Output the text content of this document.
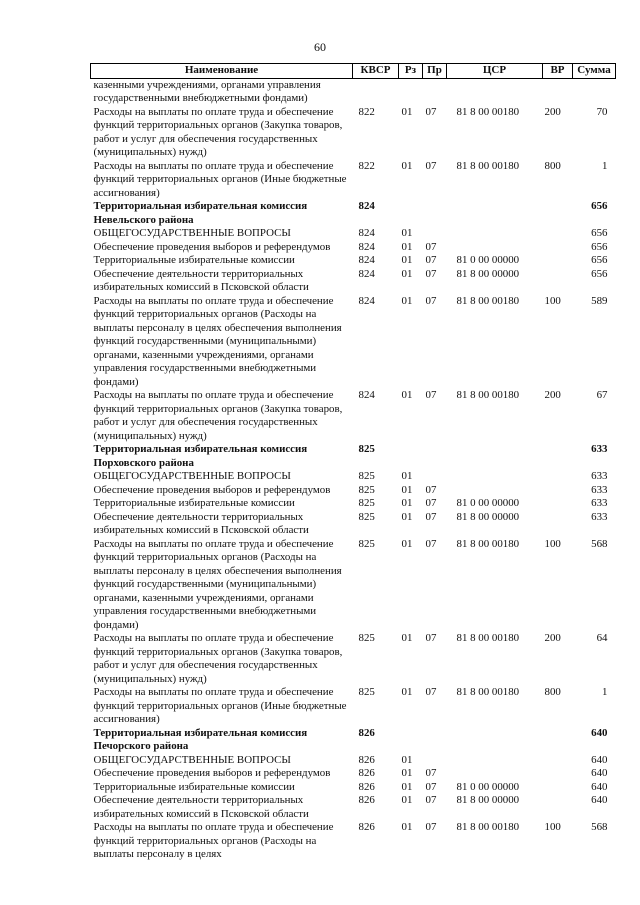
60
Наименование	КВСР	Рз	Пр	ЦСР	ВР	Сумма
казенными учреждениями, органами управления государственными внебюджетными фондами)						
Расходы на выплаты по оплате труда и обеспечение функций территориальных органов (Закупка товаров, работ и услуг для обеспечения государственных (муниципальных) нужд)	822	01	07	81 8 00 00180	200	70
Расходы на выплаты по оплате труда и обеспечение функций территориальных органов (Иные бюджетные ассигнования)	822	01	07	81 8 00 00180	800	1
Территориальная избирательная комиссия Невельского района	824					656
ОБЩЕГОСУДАРСТВЕННЫЕ ВОПРОСЫ	824	01				656
Обеспечение проведения выборов и референдумов	824	01	07			656
Территориальные избирательные комиссии	824	01	07	81 0 00 00000		656
Обеспечение деятельности территориальных избирательных комиссий в Псковской области	824	01	07	81 8 00 00000		656
Расходы на выплаты по оплате труда и обеспечение функций территориальных органов (Расходы на выплаты персоналу в целях обеспечения выполнения функций государственными (муниципальными) органами, казенными учреждениями, органами управления государственными внебюджетными фондами)	824	01	07	81 8 00 00180	100	589
Расходы на выплаты по оплате труда и обеспечение функций территориальных органов (Закупка товаров, работ и услуг для обеспечения государственных (муниципальных) нужд)	824	01	07	81 8 00 00180	200	67
Территориальная избирательная комиссия Порховского района	825					633
ОБЩЕГОСУДАРСТВЕННЫЕ ВОПРОСЫ	825	01				633
Обеспечение проведения выборов и референдумов	825	01	07			633
Территориальные избирательные комиссии	825	01	07	81 0 00 00000		633
Обеспечение деятельности территориальных избирательных комиссий в Псковской области	825	01	07	81 8 00 00000		633
Расходы на выплаты по оплате труда и обеспечение функций территориальных органов (Расходы на выплаты персоналу в целях обеспечения выполнения функций государственными (муниципальными) органами, казенными учреждениями, органами управления государственными внебюджетными фондами)	825	01	07	81 8 00 00180	100	568
Расходы на выплаты по оплате труда и обеспечение функций территориальных органов (Закупка товаров, работ и услуг для обеспечения государственных (муниципальных) нужд)	825	01	07	81 8 00 00180	200	64
Расходы на выплаты по оплате труда и обеспечение функций территориальных органов (Иные бюджетные ассигнования)	825	01	07	81 8 00 00180	800	1
Территориальная избирательная комиссия Печорского района	826					640
ОБЩЕГОСУДАРСТВЕННЫЕ ВОПРОСЫ	826	01				640
Обеспечение проведения выборов и референдумов	826	01	07			640
Территориальные избирательные комиссии	826	01	07	81 0 00 00000		640
Обеспечение деятельности территориальных избирательных комиссий в Псковской области	826	01	07	81 8 00 00000		640
Расходы на выплаты по оплате труда и обеспечение функций территориальных органов (Расходы на выплаты персоналу в целях	826	01	07	81 8 00 00180	100	568
